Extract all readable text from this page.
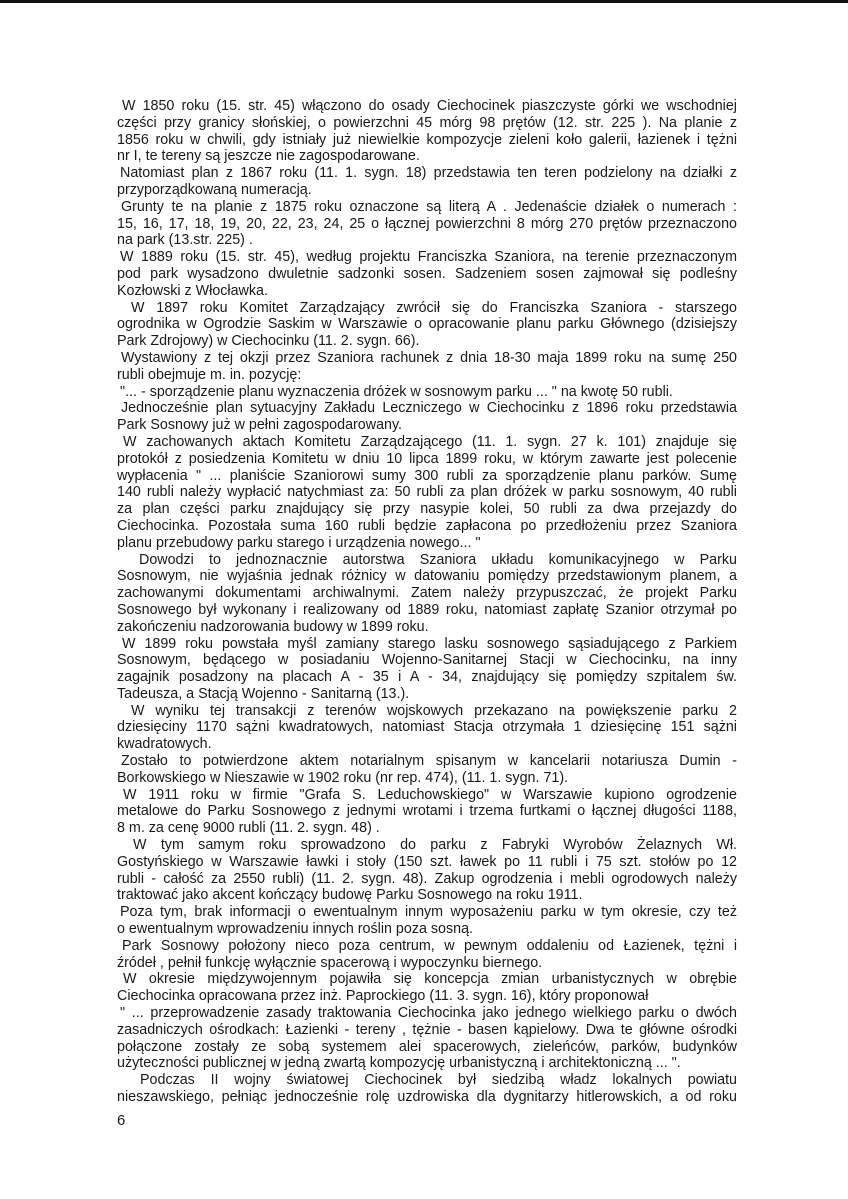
W 1850 roku (15. str. 45) włączono do osady Ciechocinek piaszczyste górki we wschodniej
części przy granicy słońskiej, o powierzchni 45 mórg 98 prętów (12. str. 225 ). Na planie z
1856 roku w chwili, gdy istniały już niewielkie kompozycje zieleni koło galerii, łazienek i tężni
nr I, te tereny są jeszcze nie zagospodarowane.
Natomiast plan z 1867 roku (11. 1. sygn. 18) przedstawia ten teren podzielony na działki z
przyporządkowaną numeracją.
Grunty te na planie z 1875 roku oznaczone są literą A . Jedenaście działek o numerach :
15, 16, 17, 18, 19, 20, 22, 23, 24, 25 o łącznej powierzchni 8 mórg 270 prętów przeznaczono
na park (13.str. 225) .
W 1889 roku (15. str. 45), według projektu Franciszka Szaniora, na terenie przeznaczonym
pod park wysadzono dwuletnie sadzonki sosen. Sadzeniem sosen zajmował się podleśny
Kozłowski z Włocławka.
W 1897 roku Komitet Zarządzający zwrócił się do Franciszka Szaniora - starszego
ogrodnika w Ogrodzie Saskim w Warszawie o opracowanie planu parku Głównego (dzisiejszy
Park Zdrojowy) w Ciechocinku (11. 2. sygn. 66).
Wystawiony z tej okzji przez Szaniora rachunek z dnia 18-30 maja 1899 roku na sumę 250
rubli obejmuje m. in. pozycję:
"... - sporządzenie planu wyznaczenia dróżek w sosnowym parku ... " na kwotę 50 rubli.
Jednocześnie plan sytuacyjny Zakładu Leczniczego w Ciechocinku z 1896 roku przedstawia
Park Sosnowy już w pełni zagospodarowany.
W zachowanych aktach Komitetu Zarządzającego (11. 1. sygn. 27 k. 101) znajduje się
protokół z posiedzenia Komitetu w dniu 10 lipca 1899 roku, w którym zawarte jest polecenie
wypłacenia " ... planiście Szaniorowi sumy 300 rubli za sporządzenie planu parków. Sumę
140 rubli należy wypłacić natychmiast za: 50 rubli za plan dróżek w parku sosnowym, 40 rubli
za plan części parku znajdujący się przy nasypie kolei, 50 rubli za dwa przejazdy do
Ciechocinka. Pozostała suma 160 rubli będzie zapłacona po przedłożeniu przez Szaniora
planu przebudowy parku starego i urządzenia nowego... "
Dowodzi to jednoznacznie autorstwa Szaniora układu komunikacyjnego w Parku
Sosnowym, nie wyjaśnia jednak różnicy w datowaniu pomiędzy przedstawionym planem, a
zachowanymi dokumentami archiwalnymi. Zatem należy przypuszczać, że projekt Parku
Sosnowego był wykonany i realizowany od 1889 roku, natomiast zapłatę Szanior otrzymał po
zakończeniu nadzorowania budowy w 1899 roku.
W 1899 roku powstała myśl zamiany starego lasku sosnowego sąsiadującego z Parkiem
Sosnowym, będącego w posiadaniu Wojenno-Sanitarnej Stacji w Ciechocinku, na inny
zagajnik posadzony na placach A - 35 i A - 34, znajdujący się pomiędzy szpitalem św.
Tadeusza, a Stacją Wojenno - Sanitarną (13.).
W wyniku tej transakcji z terenów wojskowych przekazano na powiększenie parku 2
dziesięciny 1170 sążni kwadratowych, natomiast Stacja otrzymała 1 dziesięcinę 151 sążni
kwadratowych.
Zostało to potwierdzone aktem notarialnym spisanym w kancelarii notariusza Dumin -
Borkowskiego w Nieszawie w 1902 roku (nr rep. 474), (11. 1. sygn. 71).
W 1911 roku w firmie "Grafa S. Leduchowskiego" w Warszawie kupiono ogrodzenie
metalowe do Parku Sosnowego z jednymi wrotami i trzema furtkami o łącznej długości 1188,
8 m. za cenę 9000 rubli (11. 2. sygn. 48) .
W tym samym roku sprowadzono do parku z Fabryki Wyrobów Żelaznych Wł.
Gostyńskiego w Warszawie ławki i stoły (150 szt. ławek po 11 rubli i 75 szt. stołów po 12
rubli - całość za 2550 rubli) (11. 2. sygn. 48). Zakup ogrodzenia i mebli ogrodowych należy
traktować jako akcent kończący budowę Parku Sosnowego na roku 1911.
Poza tym, brak informacji o ewentualnym innym wyposażeniu parku w tym okresie, czy też
o ewentualnym wprowadzeniu innych roślin poza sosną.
Park Sosnowy położony nieco poza centrum, w pewnym oddaleniu od Łazienek, tężni i
źródeł , pełnił funkcję wyłącznie spacerową i wypoczynku biernego.
W okresie międzywojennym pojawiła się koncepcja zmian urbanistycznych w obrębie
Ciechocinka opracowana przez inż. Paprockiego (11. 3. sygn. 16), który proponował
" ... przeprowadzenie zasady traktowania Ciechocinka jako jednego wielkiego parku o dwóch
zasadniczych ośrodkach: Łazienki - tereny , tężnie - basen kąpielowy. Dwa te główne ośrodki
połączone zostały ze sobą systemem alei spacerowych, zieleńców, parków, budynków
użyteczności publicznej w jedną zwartą kompozycję urbanistyczną i architektoniczną ... ".
Podczas II wojny światowej Ciechocinek był siedzibą władz lokalnych powiatu
nieszawskiego, pełniąc jednocześnie rolę uzdrowiska dla dygnitarzy hitlerowskich, a od roku
6
